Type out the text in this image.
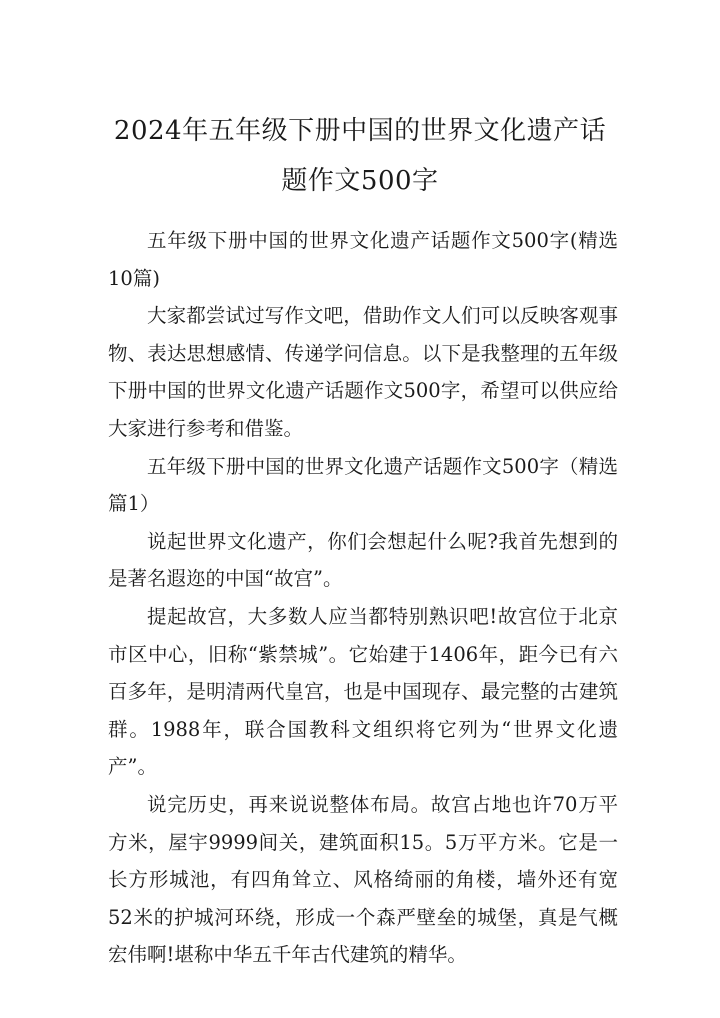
2024年五年级下册中国的世界文化遗产话
题作文500字

五年级下册中国的世界文化遗产话题作文500字(精选10篇)

大家都尝试过写作文吧，借助作文人们可以反映客观事物、表达思想感情、传递学问信息。以下是我整理的五年级下册中国的世界文化遗产话题作文500字，希望可以供应给大家进行参考和借鉴。

五年级下册中国的世界文化遗产话题作文500字（精选篇1）

说起世界文化遗产，你们会想起什么呢?我首先想到的是著名遐迩的中国“故宫”。

提起故宫，大多数人应当都特别熟识吧!故宫位于北京市区中心，旧称“紫禁城”。它始建于1406年，距今已有六百多年，是明清两代皇宫，也是中国现存、最完整的古建筑群。1988年，联合国教科文组织将它列为“世界文化遗产”。

说完历史，再来说说整体布局。故宫占地也许70万平方米，屋宇9999间关，建筑面积15。5万平方米。它是一长方形城池，有四角耸立、风格绮丽的角楼，墙外还有宽52米的护城河环绕，形成一个森严壁垒的城堡，真是气概宏伟啊!堪称中华五千年古代建筑的精华。
